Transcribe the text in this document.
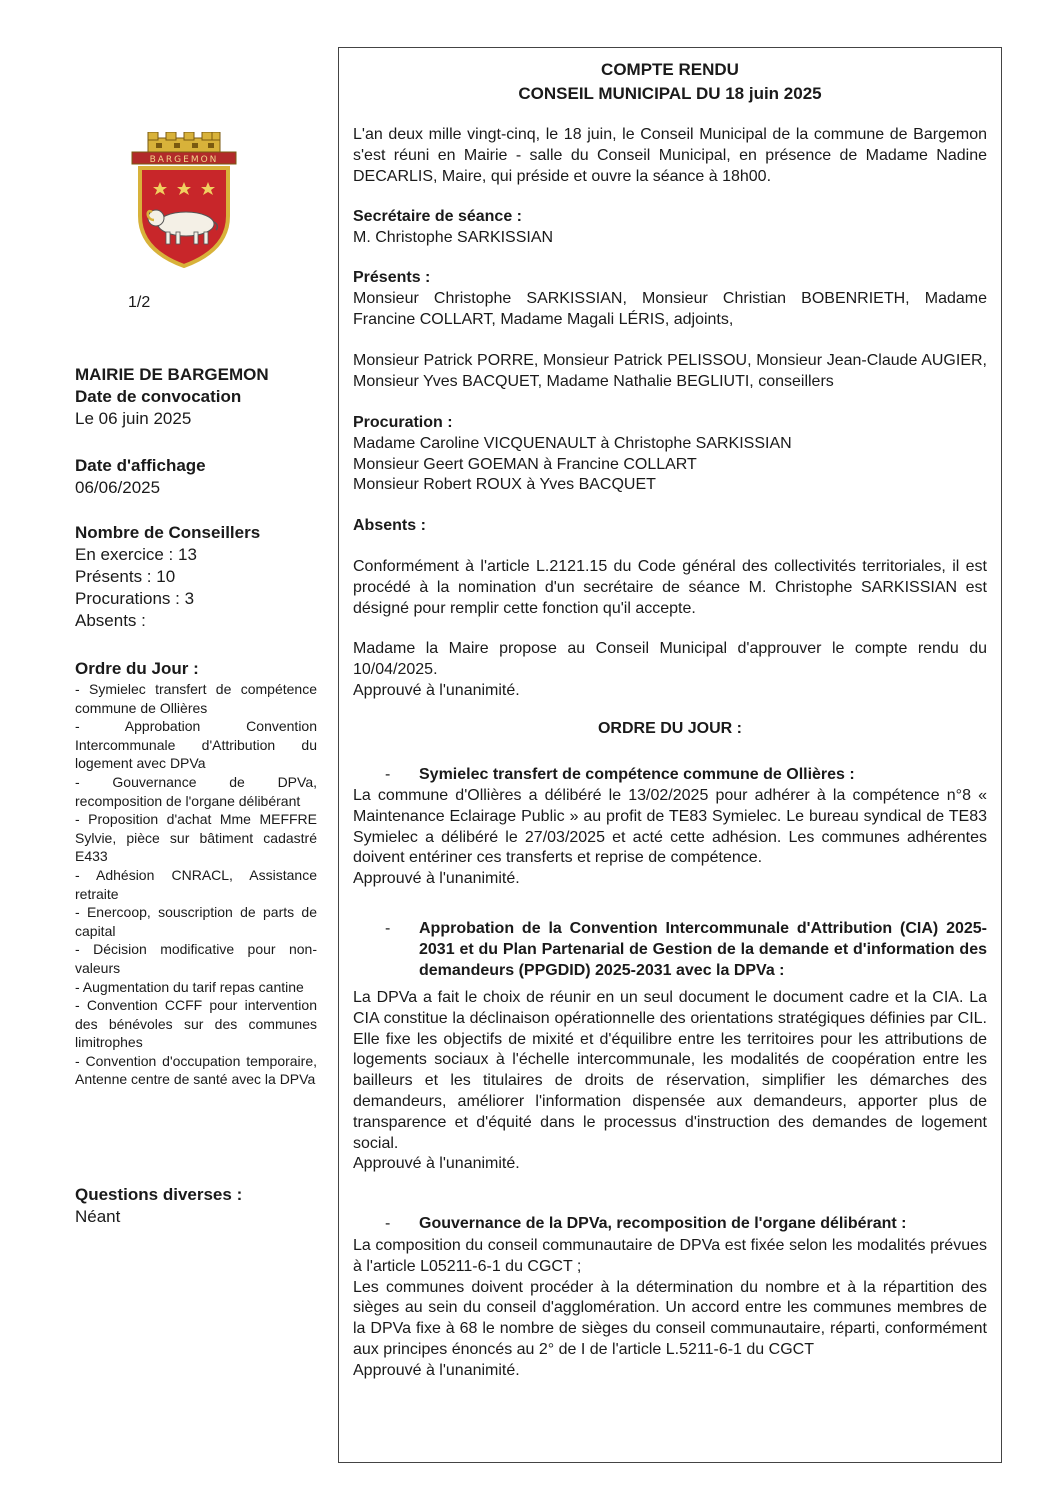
BARGEMON
1/2
MAIRIE DE BARGEMON
Date de convocation
Le 06 juin 2025
Date d'affichage
06/06/2025
Nombre de Conseillers
En exercice : 13
Présents : 10
Procurations : 3
Absents :
Ordre du Jour :
- Symielec transfert de compétence commune de Ollières
- Approbation Convention Intercommunale d'Attribution du logement avec DPVa
- Gouvernance de DPVa, recomposition de l'organe délibérant
- Proposition d'achat Mme MEFFRE Sylvie, pièce sur bâtiment cadastré E433
- Adhésion CNRACL, Assistance retraite
- Enercoop, souscription de parts de capital
- Décision modificative pour non-valeurs
- Augmentation du tarif repas cantine
- Convention CCFF pour intervention des bénévoles sur des communes limitrophes
- Convention d'occupation temporaire, Antenne centre de santé avec la DPVa
Questions diverses :
Néant
COMPTE RENDU
CONSEIL MUNICIPAL DU 18 juin 2025
L'an deux mille vingt-cinq, le 18 juin, le Conseil Municipal de la commune de Bargemon s'est réuni en Mairie - salle du Conseil Municipal, en présence de Madame Nadine DECARLIS, Maire, qui préside et ouvre la séance à 18h00.

Secrétaire de séance :

M. Christophe SARKISSIAN

Présents :

Monsieur Christophe SARKISSIAN, Monsieur Christian BOBENRIETH, Madame Francine COLLART, Madame Magali LÉRIS, adjoints,

Monsieur Patrick PORRE, Monsieur Patrick PELISSOU, Monsieur Jean-Claude AUGIER, Monsieur Yves BACQUET, Madame Nathalie BEGLIUTI, conseillers

Procuration :

Madame Caroline VICQUENAULT à Christophe SARKISSIAN

Monsieur Geert GOEMAN à Francine COLLART

Monsieur Robert ROUX à Yves BACQUET

Absents :
Conformément à l'article L.2121.15 du Code général des collectivités territoriales, il est procédé à la nomination d'un secrétaire de séance M. Christophe SARKISSIAN est désigné pour remplir cette fonction qu'il accepte.

Madame la Maire propose au Conseil Municipal d'approuver le compte rendu du 10/04/2025.

Approuvé à l'unanimité.

ORDRE DU JOUR :
- Symielec transfert de compétence commune de Ollières :

La commune d'Ollières a délibéré le 13/02/2025 pour adhérer à la compétence n°8 « Maintenance Eclairage Public » au profit de TE83 Symielec. Le bureau syndical de TE83 Symielec a délibéré le 27/03/2025 et acté cette adhésion. Les communes adhérentes doivent entériner ces transferts et reprise de compétence.

Approuvé à l'unanimité.

- Approbation de la Convention Intercommunale d'Attribution (CIA) 2025-2031 et du Plan Partenarial de Gestion de la demande et d'information des demandeurs (PPGDID) 2025-2031 avec la DPVa :

La DPVa a fait le choix de réunir en un seul document le document cadre et la CIA. La CIA constitue la déclinaison opérationnelle des orientations stratégiques définies par CIL. Elle fixe les objectifs de mixité et d'équilibre entre les territoires pour les attributions de logements sociaux à l'échelle intercommunale, les modalités de coopération entre les bailleurs et les titulaires de droits de réservation, simplifier les démarches des demandeurs, améliorer l'information dispensée aux demandeurs, apporter plus de transparence et d'équité dans le processus d'instruction des demandes de logement social.

Approuvé à l'unanimité.

- Gouvernance de la DPVa, recomposition de l'organe délibérant :

La composition du conseil communautaire de DPVa est fixée selon les modalités prévues à l'article L05211-6-1 du CGCT ;

Les communes doivent procéder à la détermination du nombre et à la répartition des sièges au sein du conseil d'agglomération. Un accord entre les communes membres de la DPVa fixe à 68 le nombre de sièges du conseil communautaire, réparti, conformément aux principes énoncés au 2° de I de l'article L.5211-6-1 du CGCT

Approuvé à l'unanimité.
